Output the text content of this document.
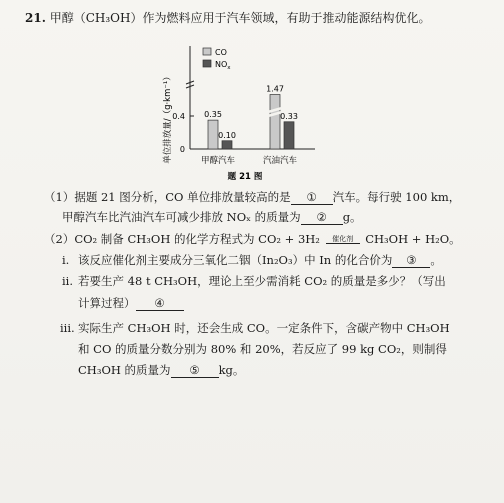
21. 甲醇（CH₃OH）作为燃料应用于汽车领域，有助于推动能源结构优化。
单位排放量/（g·km⁻¹） 0
0.4
CO
$NO_x$
0.35
1.47
0.10
0.33
甲醇汽车	汽油汽车
题 21 图
（1）据题 21 图分析，CO 单位排放量较高的是 ① 汽车。每行驶 100 km，
甲醇汽车比汽油汽车可减少排放 NOₓ 的质量为 ② g。
（2）CO₂ 制备 CH₃OH 的化学方程式为 CO₂ + 3H₂	催化剂	CH₃OH + H₂O。
i. 该反应催化剂主要成分三氧化二铟（In₂O₃）中 In 的化合价为 ③ 。
ii. 若要生产 48 t CH₃OH，理论上至少需消耗 CO₂ 的质量是多少？（写出
计算过程） ④
iii. 实际生产 CH₃OH 时，还会生成 CO。一定条件下，含碳产物中 CH₃OH
和 CO 的质量分数分别为 80% 和 20%，若反应了 99 kg CO₂，则制得
CH₃OH 的质量为 ⑤ kg。
